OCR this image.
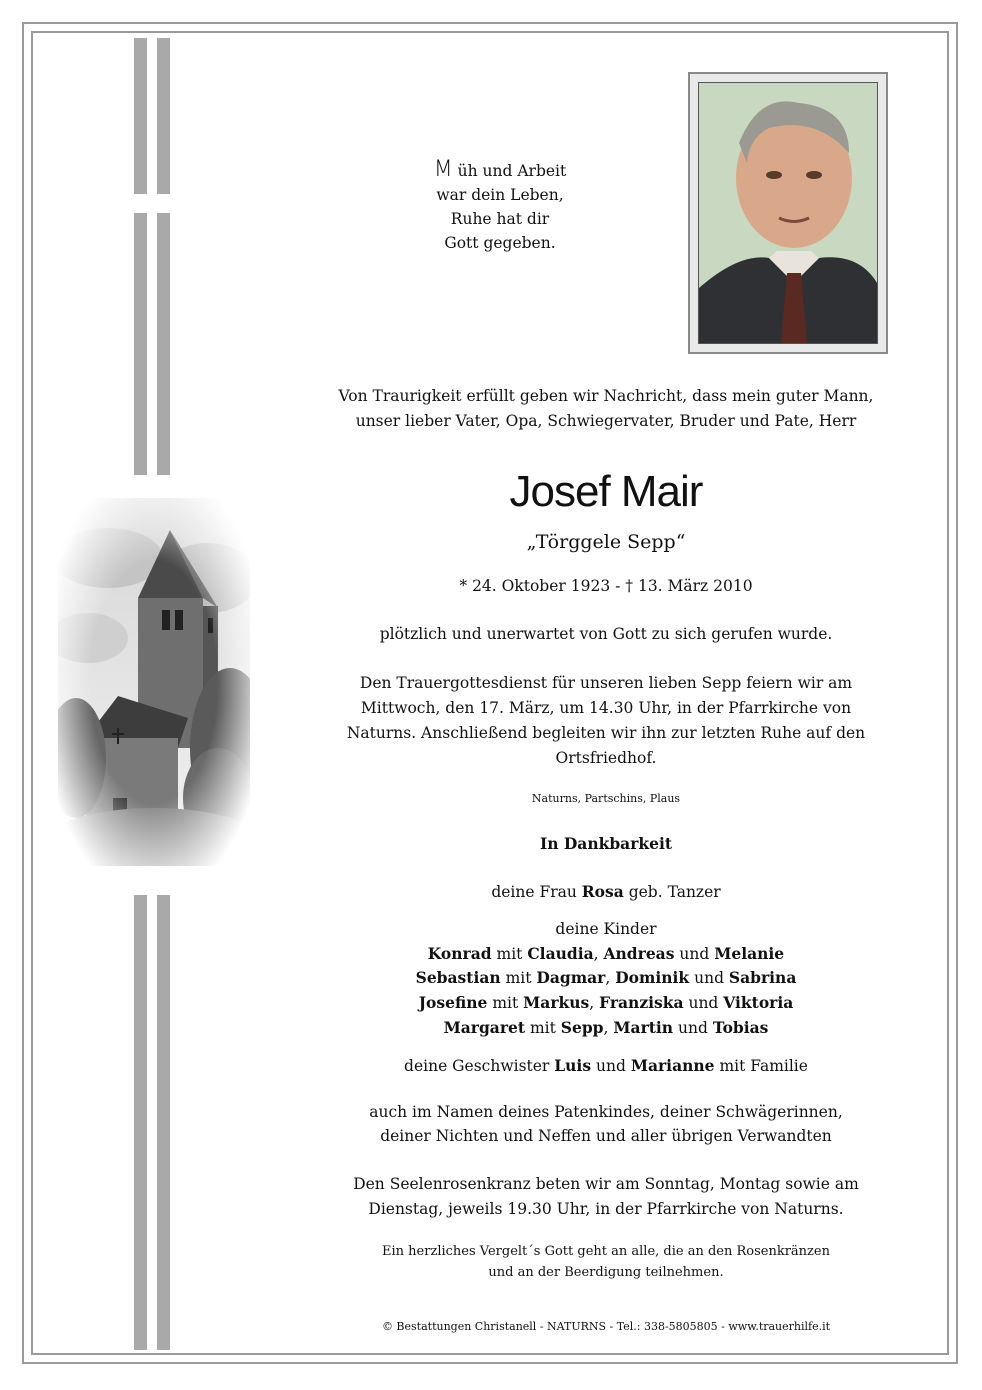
M üh und Arbeit
war dein Leben,
Ruhe hat dir
Gott gegeben.
Von Traurigkeit erfüllt geben wir Nachricht, dass mein guter Mann,
unser lieber Vater, Opa, Schwiegervater, Bruder und Pate, Herr
Josef Mair
„Törggele Sepp“
* 24. Oktober 1923 - † 13. März 2010
plötzlich und unerwartet von Gott zu sich gerufen wurde.
Den Trauergottesdienst für unseren lieben Sepp feiern wir am
Mittwoch, den 17. März, um 14.30 Uhr, in der Pfarrkirche von
Naturns. Anschließend begleiten wir ihn zur letzten Ruhe auf den
Ortsfriedhof.
Naturns, Partschins, Plaus
In Dankbarkeit
deine Frau Rosa geb. Tanzer
deine Kinder
Konrad mit Claudia, Andreas und Melanie
Sebastian mit Dagmar, Dominik und Sabrina
Josefine mit Markus, Franziska und Viktoria
Margaret mit Sepp, Martin und Tobias
deine Geschwister Luis und Marianne mit Familie
auch im Namen deines Patenkindes, deiner Schwägerinnen,
deiner Nichten und Neffen und aller übrigen Verwandten
Den Seelenrosenkranz beten wir am Sonntag, Montag sowie am
Dienstag, jeweils 19.30 Uhr, in der Pfarrkirche von Naturns.
Ein herzliches Vergelt´s Gott geht an alle, die an den Rosenkränzen
und an der Beerdigung teilnehmen.
© Bestattungen Christanell - NATURNS - Tel.: 338-5805805 - www.trauerhilfe.it
